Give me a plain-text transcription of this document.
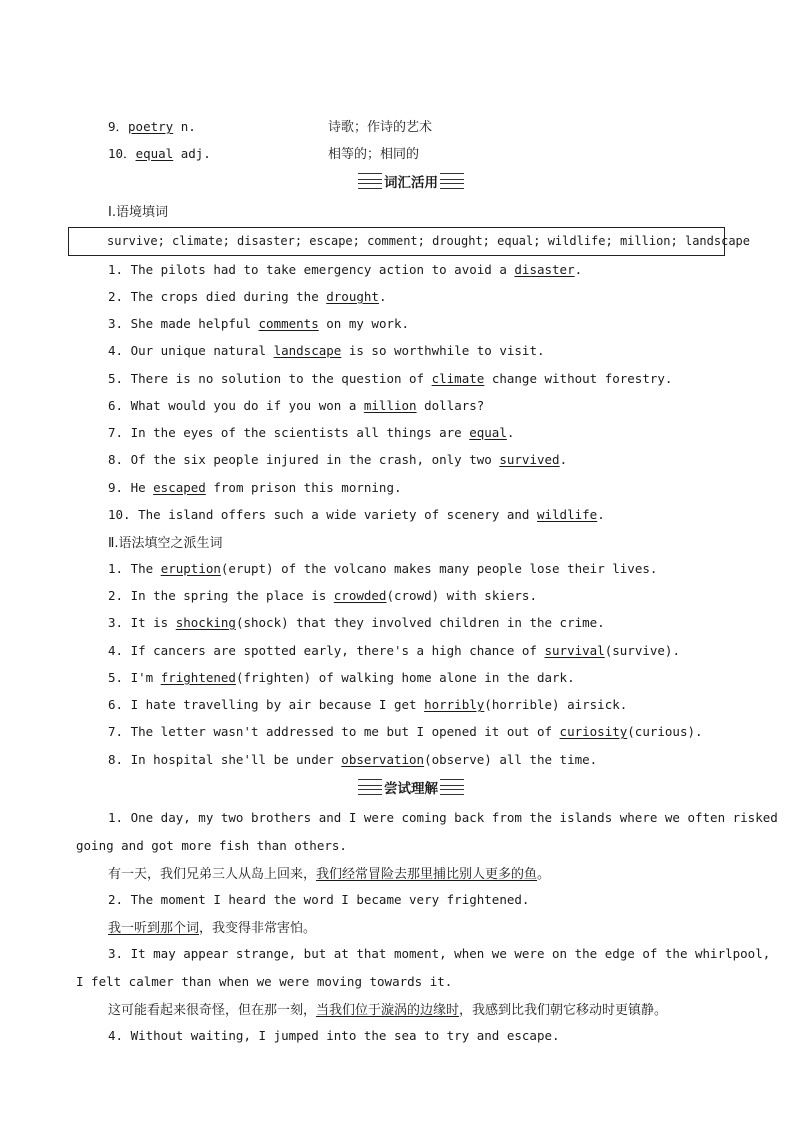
9．poetry n.	诗歌；作诗的艺术
10．equal adj.	相等的；相同的
词汇活用
Ⅰ.语境填词
survive; climate; disaster; escape; comment; drought; equal; wildlife; million; landscape
1. The pilots had to take emergency action to avoid a disaster.
2. The crops died during the drought.
3. She made helpful comments on my work.
4. Our unique natural landscape is so worthwhile to visit.
5. There is no solution to the question of climate change without forestry.
6. What would you do if you won a million dollars?
7. In the eyes of the scientists all things are equal.
8. Of the six people injured in the crash, only two survived.
9. He escaped from prison this morning.
10. The island offers such a wide variety of scenery and wildlife.
Ⅱ.语法填空之派生词
1. The eruption(erupt) of the volcano makes many people lose their lives.
2. In the spring the place is crowded(crowd) with skiers.
3. It is shocking(shock) that they involved children in the crime.
4. If cancers are spotted early, there's a high chance of survival(survive).
5. I'm frightened(frighten) of walking home alone in the dark.
6. I hate travelling by air because I get horribly(horrible) airsick.
7. The letter wasn't addressed to me but I opened it out of curiosity(curious).
8. In hospital she'll be under observation(observe) all the time.
尝试理解
1. One day, my two brothers and I were coming back from the islands where we often risked
going and got more fish than others.
有一天，我们兄弟三人从岛上回来，我们经常冒险去那里捕比别人更多的鱼。
2. The moment I heard the word I became very frightened.
我一听到那个词，我变得非常害怕。
3. It may appear strange, but at that moment, when we were on the edge of the whirlpool,
I felt calmer than when we were moving towards it.
这可能看起来很奇怪，但在那一刻，当我们位于漩涡的边缘时，我感到比我们朝它移动时更镇静。
4. Without waiting, I jumped into the sea to try and escape.
